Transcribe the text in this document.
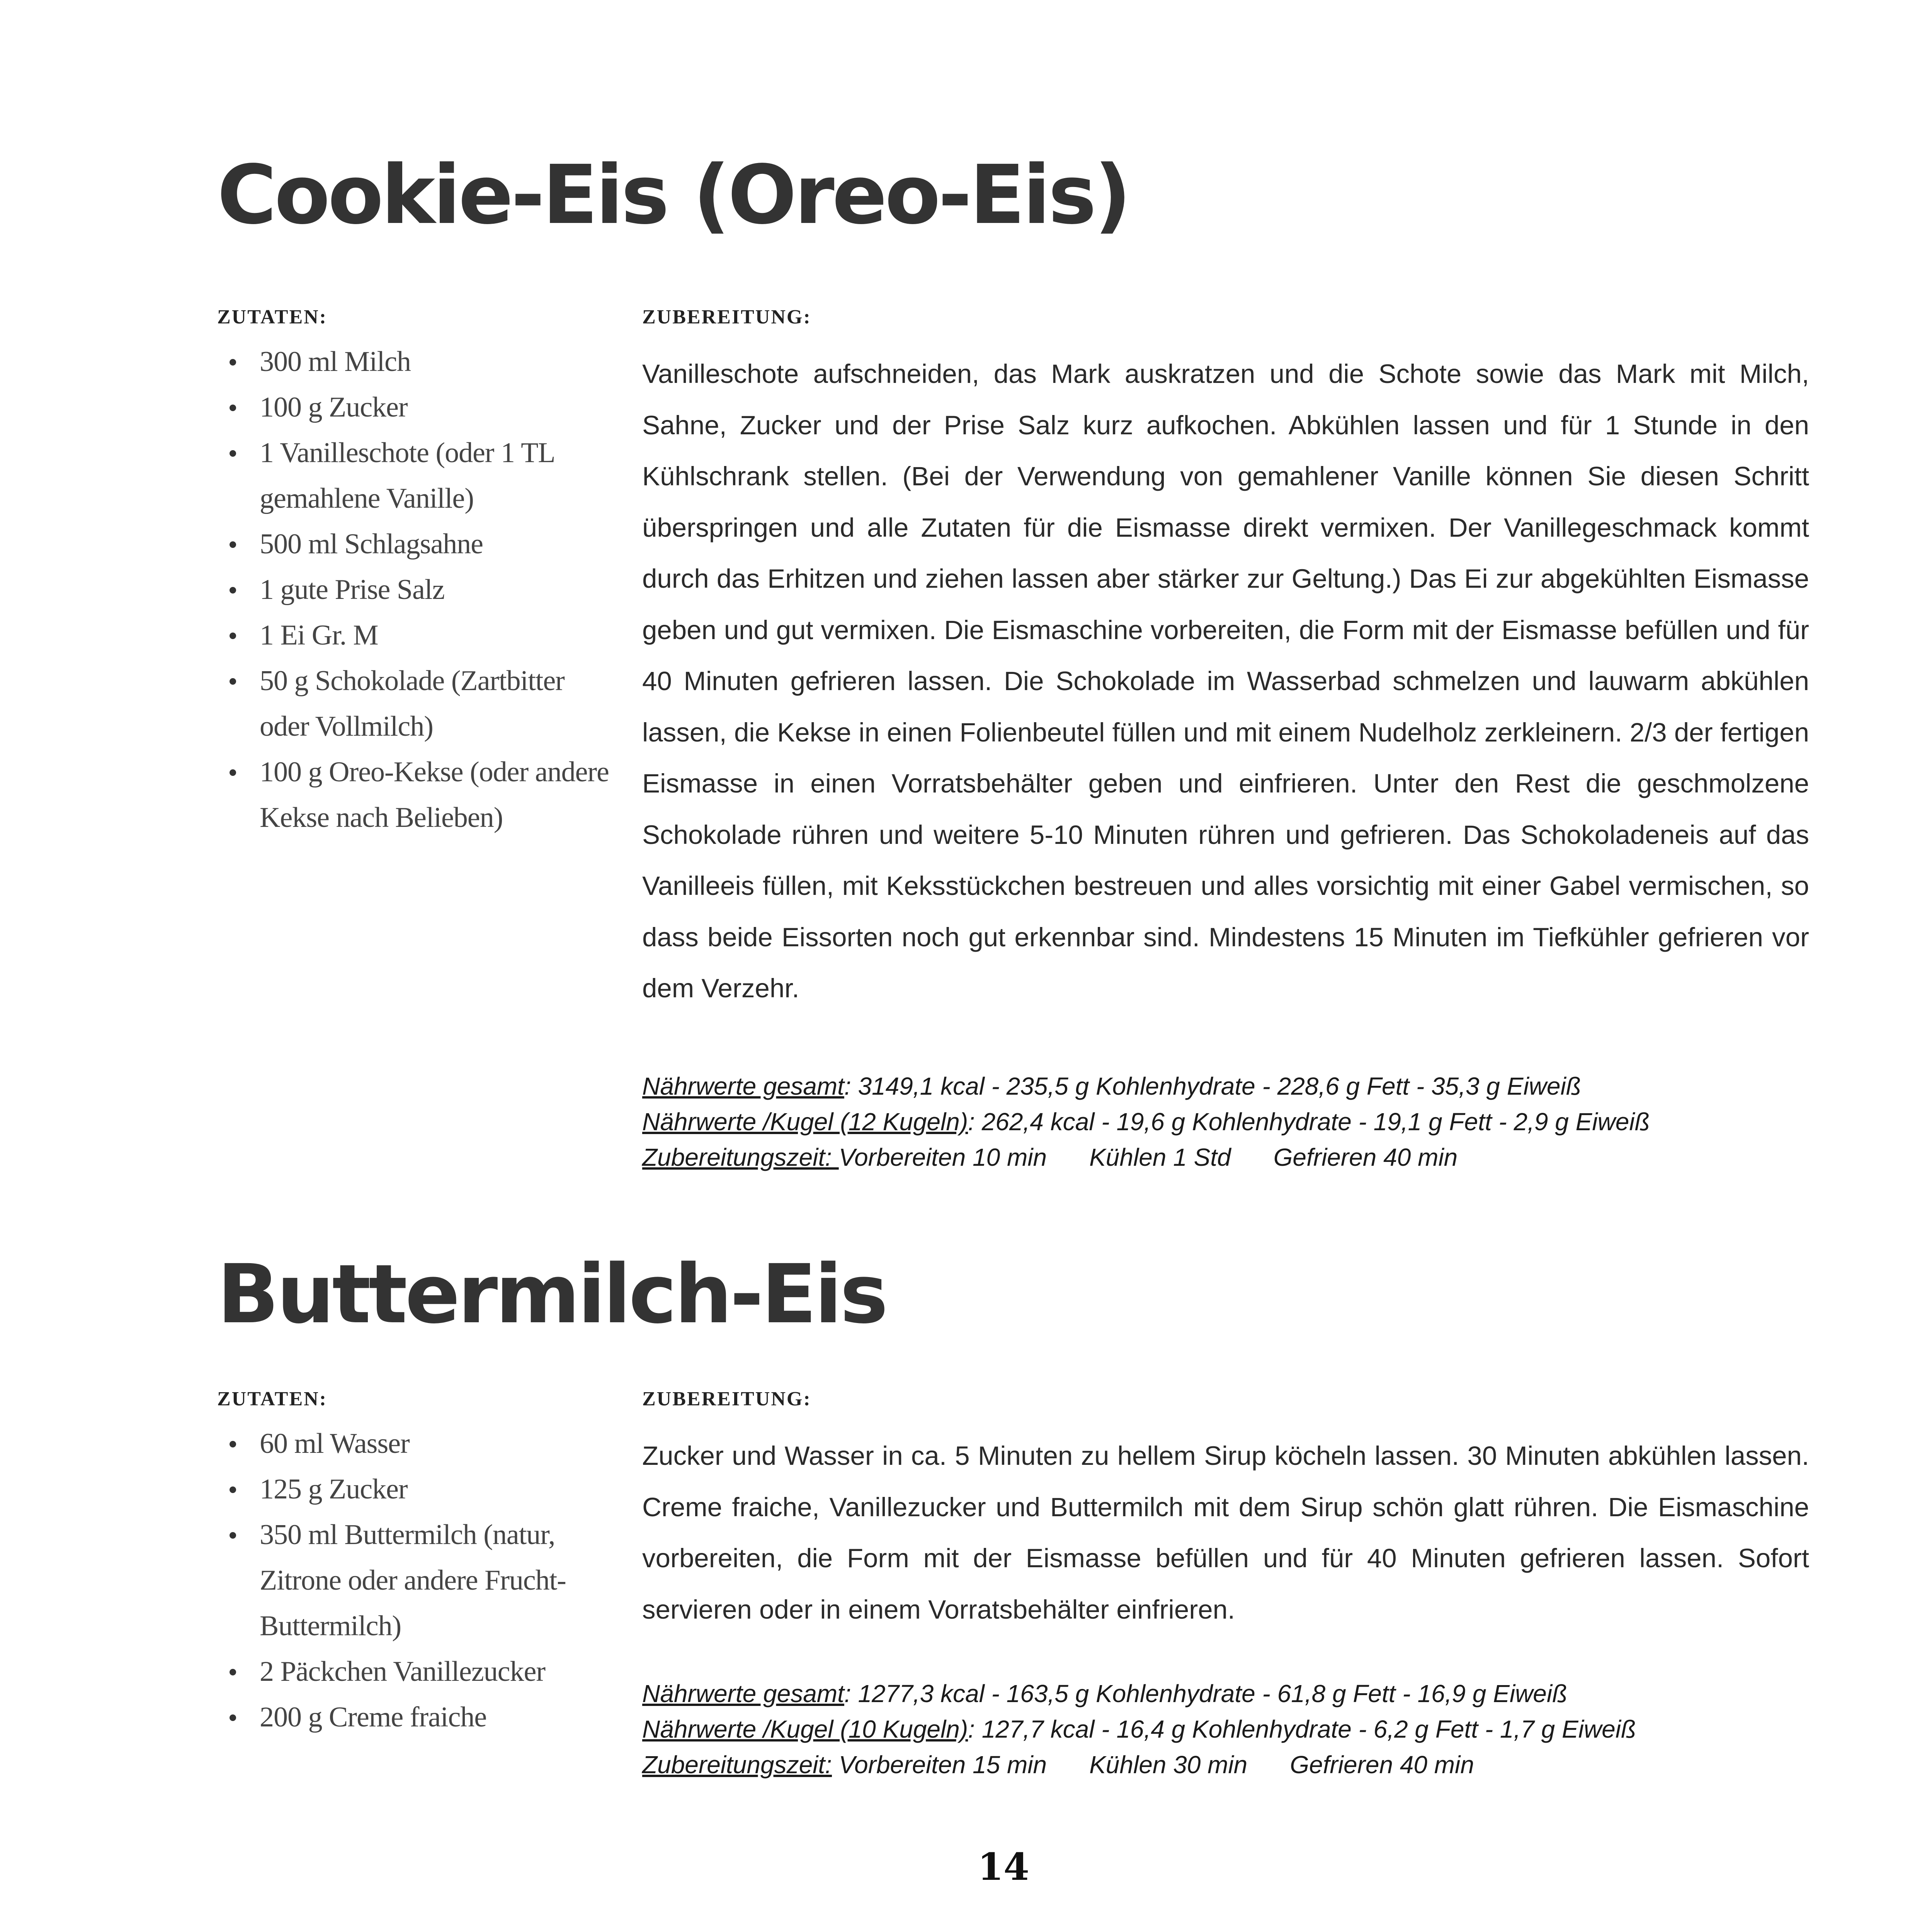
Cookie-Eis (Oreo-Eis)
ZUTATEN:
300 ml Milch
100 g Zucker
1 Vanilleschote (oder 1 TL gemahlene Vanille)
500 ml Schlagsahne
1 gute Prise Salz
1 Ei Gr. M
50 g Schokolade (Zartbitter oder Vollmilch)
100 g Oreo-Kekse (oder andere Kekse nach Belieben)
ZUBEREITUNG:

Vanilleschote aufschneiden, das Mark auskratzen und die Schote sowie das Mark mit Milch, Sahne, Zucker und der Prise Salz kurz aufkochen. Abkühlen lassen und für 1 Stunde in den Kühlschrank stellen. (Bei der Verwendung von gemahlener Vanille können Sie diesen Schritt überspringen und alle Zutaten für die Eismasse direkt vermixen. Der Vanillegeschmack kommt durch das Erhitzen und ziehen lassen aber stärker zur Geltung.) Das Ei zur abgekühlten Eismasse geben und gut vermixen. Die Eismaschine vorbereiten, die Form mit der Eismasse befüllen und für 40 Minuten gefrieren lassen. Die Schokolade im Wasserbad schmelzen und lauwarm abkühlen lassen, die Kekse in einen Folienbeutel füllen und mit einem Nudelholz zerkleinern. 2/3 der fertigen Eismasse in einen Vorratsbehälter geben und einfrieren. Unter den Rest die geschmolzene Schokolade rühren und weitere 5-10 Minuten rühren und gefrieren. Das Schokoladeneis auf das Vanilleeis füllen, mit Keksstückchen bestreuen und alles vorsichtig mit einer Gabel vermischen, so dass beide Eissorten noch gut erkennbar sind. Mindestens 15 Minuten im Tiefkühler gefrieren vor dem Verzehr.

Nährwerte gesamt: 3149,1 kcal - 235,5 g Kohlenhydrate - 228,6 g Fett - 35,3 g Eiweiß
Nährwerte /Kugel (12 Kugeln): 262,4 kcal - 19,6 g Kohlenhydrate - 19,1 g Fett - 2,9 g Eiweiß
Zubereitungszeit: Vorbereiten 10 min Kühlen 1 Std Gefrieren 40 min
Buttermilch-Eis
ZUTATEN:
60 ml Wasser
125 g Zucker
350 ml Buttermilch (natur, Zitrone oder andere Frucht-Buttermilch)
2 Päckchen Vanillezucker
200 g Creme fraiche
ZUBEREITUNG:

Zucker und Wasser in ca. 5 Minuten zu hellem Sirup köcheln lassen. 30 Minuten abkühlen lassen. Creme fraiche, Vanillezucker und Buttermilch mit dem Sirup schön glatt rühren. Die Eismaschine vorbereiten, die Form mit der Eismasse befüllen und für 40 Minuten gefrieren lassen. Sofort servieren oder in einem Vorratsbehälter einfrieren.

Nährwerte gesamt: 1277,3 kcal - 163,5 g Kohlenhydrate - 61,8 g Fett - 16,9 g Eiweiß
Nährwerte /Kugel (10 Kugeln): 127,7 kcal - 16,4 g Kohlenhydrate - 6,2 g Fett - 1,7 g Eiweiß
Zubereitungszeit: Vorbereiten 15 min Kühlen 30 min Gefrieren 40 min
14
